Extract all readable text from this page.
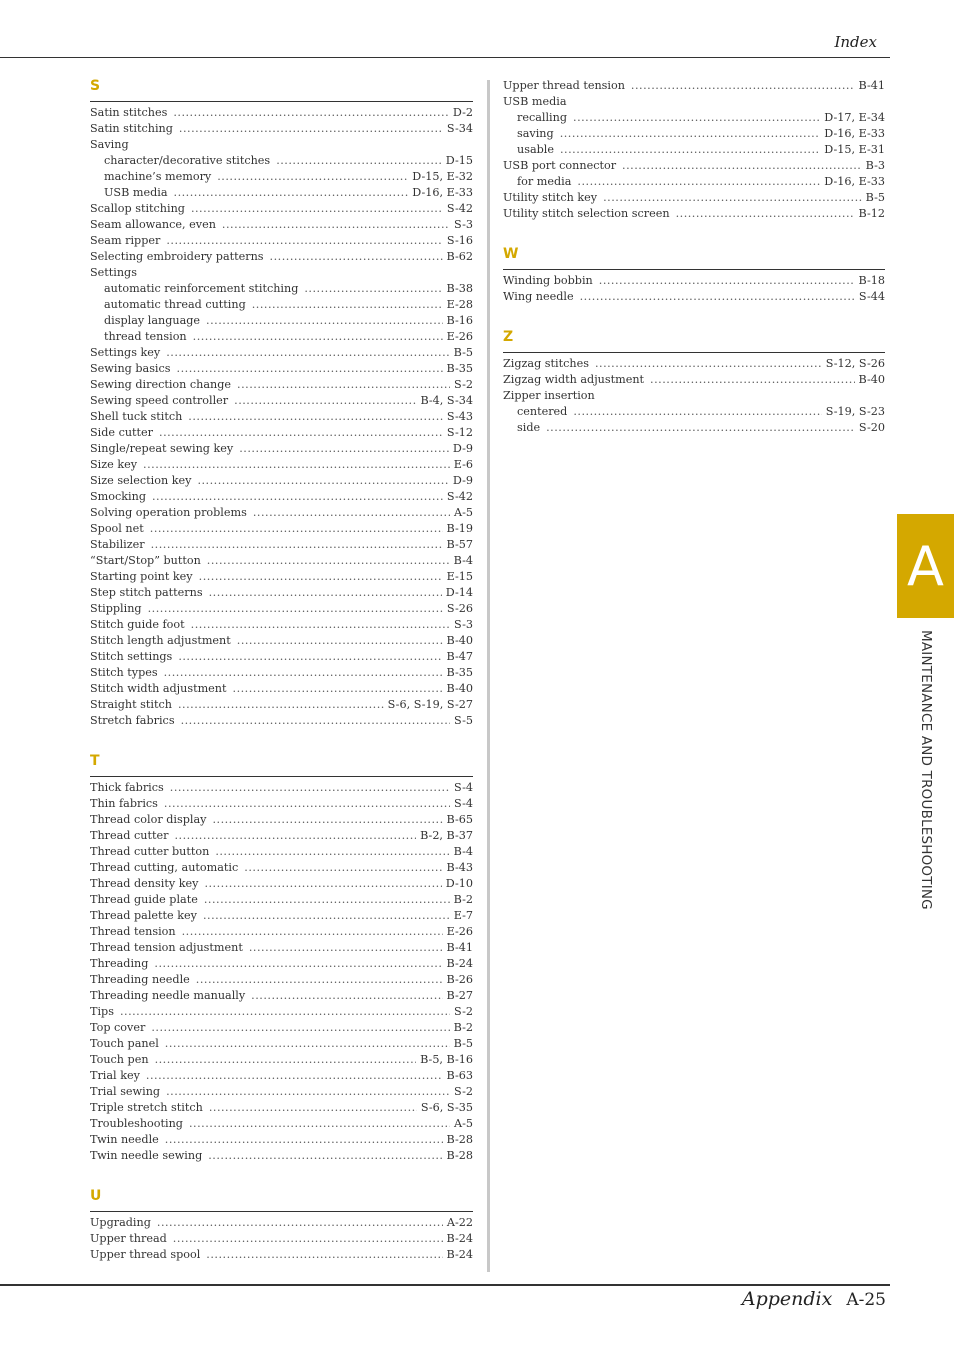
Index
S
Satin stitches .....	D-2
Satin stitching .....	S-34
Saving
character/decorative stitches .....	D-15
machine’s memory .....	D-15, E-32
USB media .....	D-16, E-33
Scallop stitching .....	S-42
Seam allowance, even .....	S-3
Seam ripper .....	S-16
Selecting embroidery patterns .....	B-62
Settings
automatic reinforcement stitching .....	B-38
automatic thread cutting .....	E-28
display language .....	B-16
thread tension .....	E-26
Settings key .....	B-5
Sewing basics .....	B-35
Sewing direction change .....	S-2
Sewing speed controller .....	B-4, S-34
Shell tuck stitch .....	S-43
Side cutter .....	S-12
Single/repeat sewing key .....	D-9
Size key .....	E-6
Size selection key .....	D-9
Smocking .....	S-42
Solving operation problems .....	A-5
Spool net .....	B-19
Stabilizer .....	B-57
“Start/Stop” button .....	B-4
Starting point key .....	E-15
Step stitch patterns .....	D-14
Stippling .....	S-26
Stitch guide foot .....	S-3
Stitch length adjustment .....	B-40
Stitch settings .....	B-47
Stitch types .....	B-35
Stitch width adjustment .....	B-40
Straight stitch .....	S-6, S-19, S-27
Stretch fabrics .....	S-5
T
Thick fabrics .....	S-4
Thin fabrics .....	S-4
Thread color display .....	B-65
Thread cutter .....	B-2, B-37
Thread cutter button .....	B-4
Thread cutting, automatic .....	B-43
Thread density key .....	D-10
Thread guide plate .....	B-2
Thread palette key .....	E-7
Thread tension .....	E-26
Thread tension adjustment .....	B-41
Threading .....	B-24
Threading needle .....	B-26
Threading needle manually .....	B-27
Tips .....	S-2
Top cover .....	B-2
Touch panel .....	B-5
Touch pen .....	B-5, B-16
Trial key .....	B-63
Trial sewing .....	S-2
Triple stretch stitch .....	S-6, S-35
Troubleshooting .....	A-5
Twin needle .....	B-28
Twin needle sewing .....	B-28
U
Upgrading .....	A-22
Upper thread .....	B-24
Upper thread spool .....	B-24
Upper thread tension .....	B-41
USB media
recalling .....	D-17, E-34
saving .....	D-16, E-33
usable .....	D-15, E-31
USB port connector .....	B-3
for media .....	D-16, E-33
Utility stitch key .....	B-5
Utility stitch selection screen .....	B-12
W
Winding bobbin .....	B-18
Wing needle .....	S-44
Z
Zigzag stitches .....	S-12, S-26
Zigzag width adjustment .....	B-40
Zipper insertion
centered .....	S-19, S-23
side .....	S-20
A
MAINTENANCE AND TROUBLESHOOTING
Appendix A-25
